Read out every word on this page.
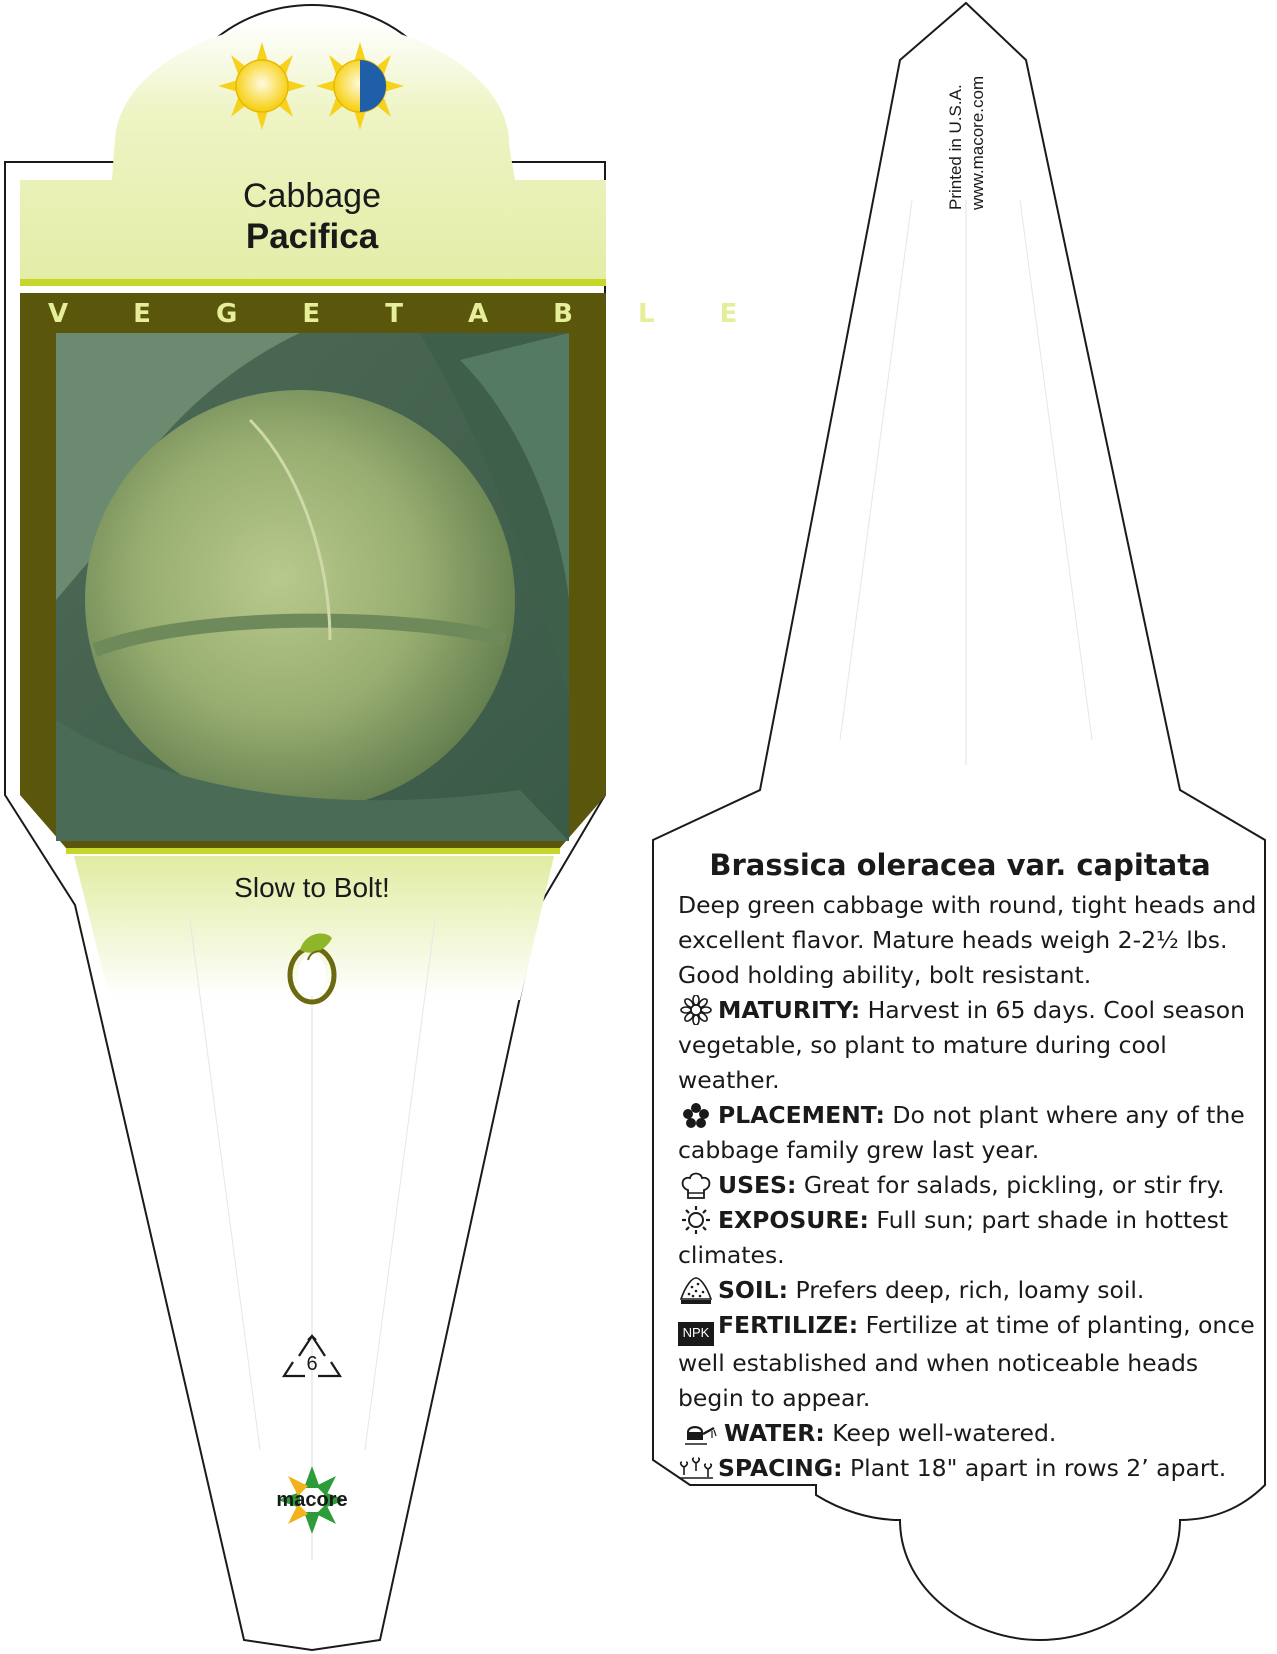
Cabbage
Pacifica
V E G E T A B L E
Slow to Bolt!
6
macore
Printed in U.S.A. www.macore.com
Brassica oleracea var. capitata

Deep green cabbage with round, tight heads and excellent flavor. Mature heads weigh 2-2½ lbs. Good holding ability, bolt resistant.

MATURITY: Harvest in 65 days. Cool season vegetable, so plant to mature during cool weather.

PLACEMENT: Do not plant where any of the cabbage family grew last year.

USES: Great for salads, pickling, or stir fry.

EXPOSURE: Full sun; part shade in hottest climates.

SOIL: Prefers deep, rich, loamy soil.

NPK FERTILIZE: Fertilize at time of planting, once well established and when noticeable heads begin to appear.

WATER: Keep well-watered.

SPACING: Plant 18" apart in rows 2’ apart.
